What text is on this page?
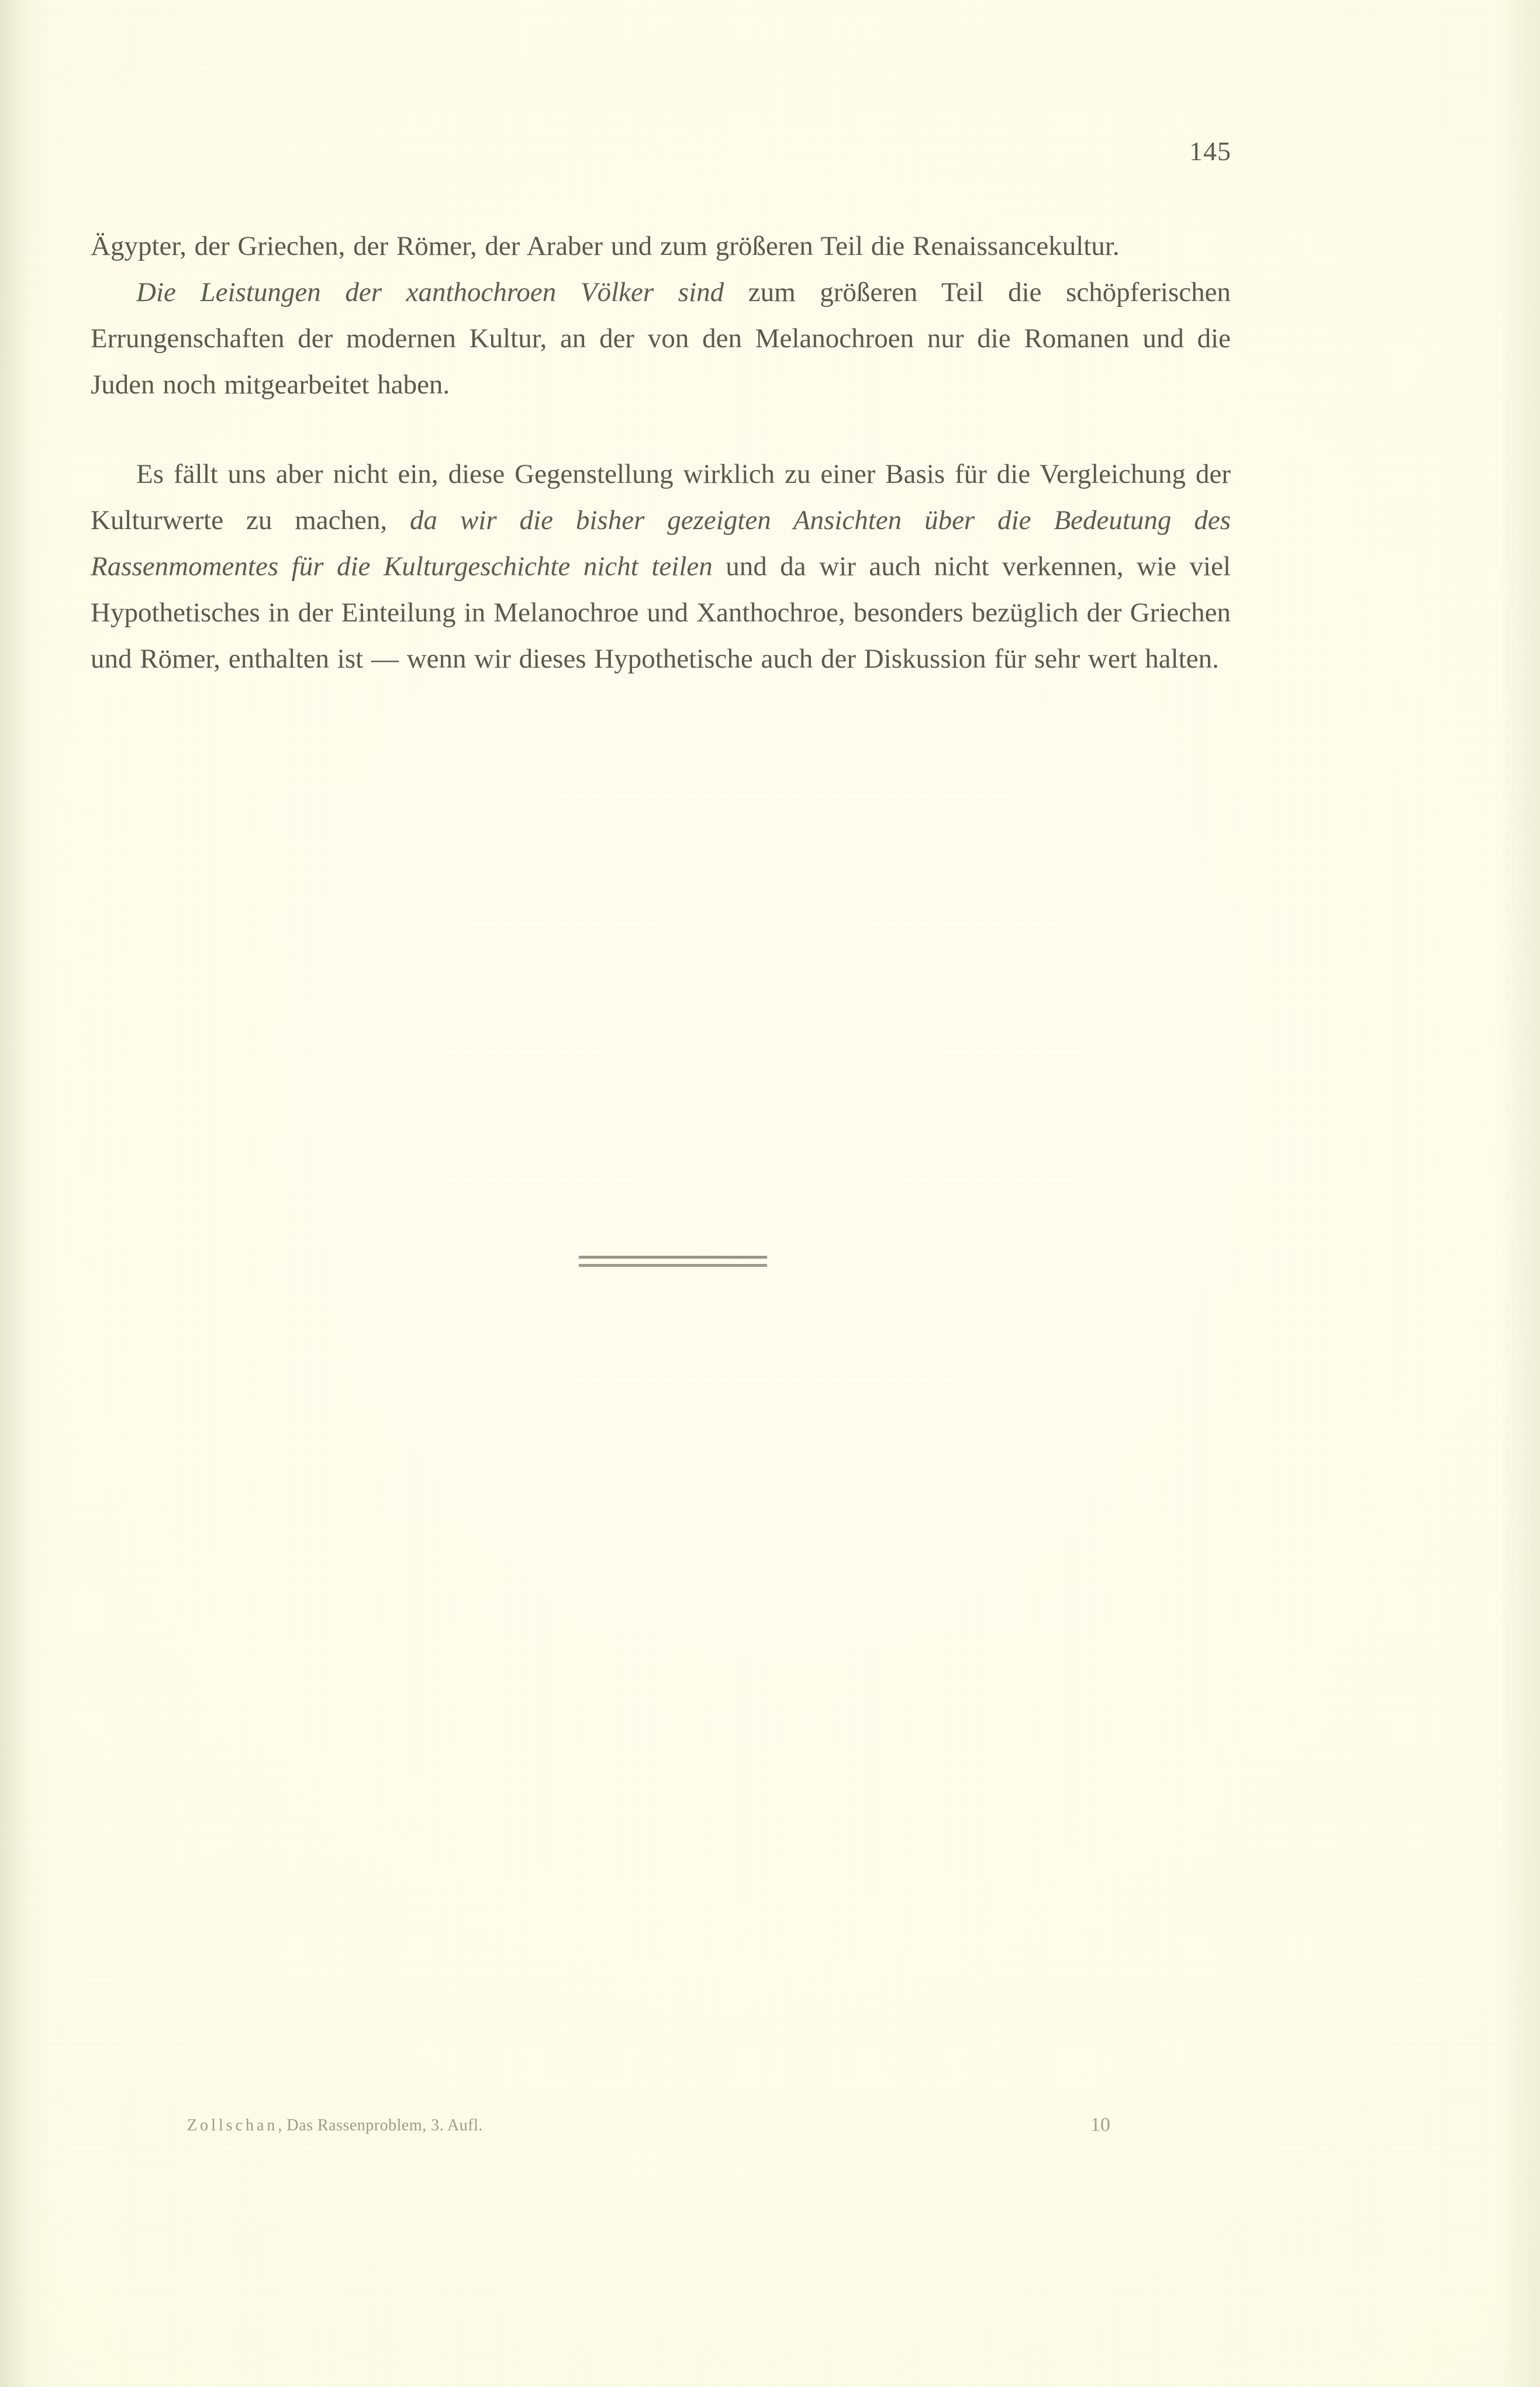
145

Ägypter, der Griechen, der Römer, der Araber und zum größeren Teil die Renaissancekultur.

Die Leistungen der xanthochroen Völker sind zum größeren Teil die schöpferischen Errungenschaften der modernen Kultur, an der von den Melanochroen nur die Romanen und die Juden noch mitgearbeitet haben.

Es fällt uns aber nicht ein, diese Gegenstellung wirklich zu einer Basis für die Vergleichung der Kulturwerte zu machen, da wir die bisher gezeigten Ansichten über die Bedeutung des Rassenmomentes für die Kulturgeschichte nicht teilen und da wir auch nicht verkennen, wie viel Hypothetisches in der Einteilung in Melanochroe und Xanthochroe, besonders bezüglich der Griechen und Römer, enthalten ist — wenn wir dieses Hypothetische auch der Diskussion für sehr wert halten.

Zollschan, Das Rassenproblem, 3. Aufl.	10
